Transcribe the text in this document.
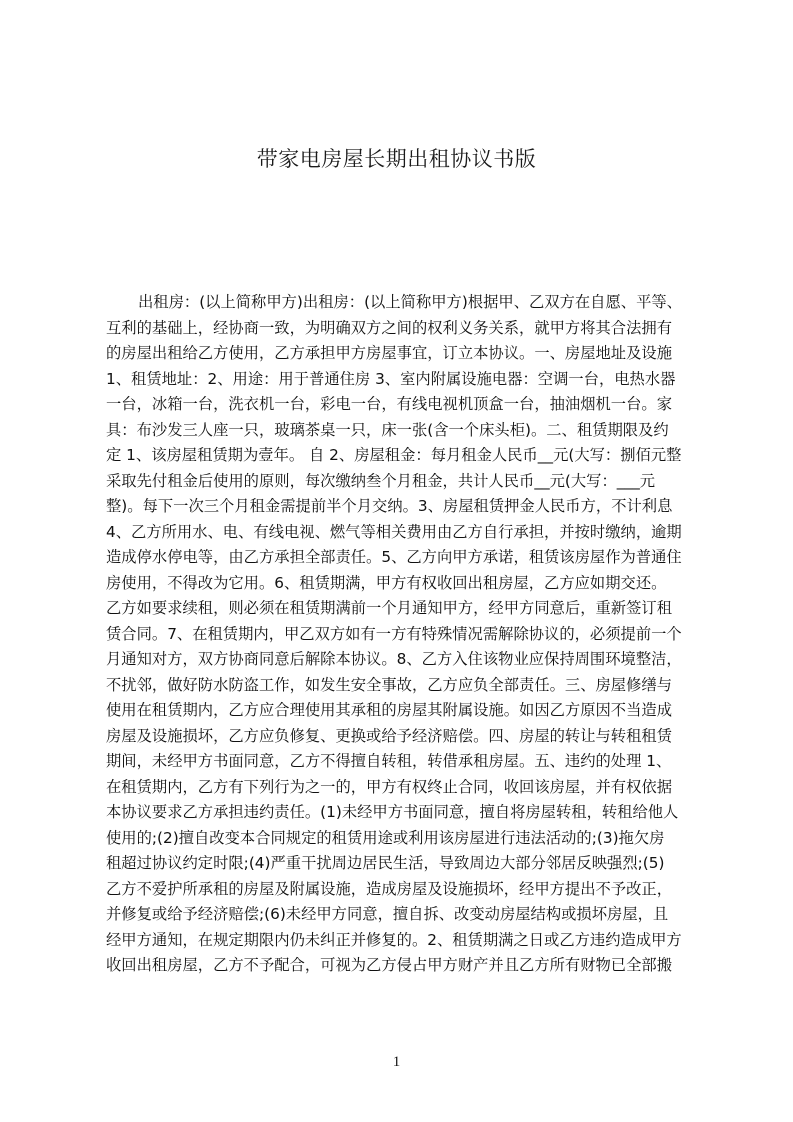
带家电房屋长期出租协议书版
出租房：(以上简称甲方)出租房：(以上简称甲方)根据甲、乙双方在自愿、平等、
互利的基础上，经协商一致，为明确双方之间的权利义务关系，就甲方将其合法拥有
的房屋出租给乙方使用，乙方承担甲方房屋事宜，订立本协议。一、房屋地址及设施
1、租赁地址：2、用途：用于普通住房 3、室内附属设施电器：空调一台，电热水器
一台，冰箱一台，洗衣机一台，彩电一台，有线电视机顶盒一台，抽油烟机一台。家
具：布沙发三人座一只，玻璃茶桌一只，床一张(含一个床头柜)。二、租赁期限及约
定 1、该房屋租赁期为壹年。 自 2、房屋租金：每月租金人民币__元(大写：捌佰元整
采取先付租金后使用的原则，每次缴纳叁个月租金，共计人民币__元(大写：___元
整)。每下一次三个月租金需提前半个月交纳。3、房屋租赁押金人民币方，不计利息
4、乙方所用水、电、有线电视、燃气等相关费用由乙方自行承担，并按时缴纳，逾期
造成停水停电等，由乙方承担全部责任。5、乙方向甲方承诺，租赁该房屋作为普通住
房使用，不得改为它用。6、租赁期满，甲方有权收回出租房屋，乙方应如期交还。
乙方如要求续租，则必须在租赁期满前一个月通知甲方，经甲方同意后，重新签订租
赁合同。7、在租赁期内，甲乙双方如有一方有特殊情况需解除协议的，必须提前一个
月通知对方，双方协商同意后解除本协议。8、乙方入住该物业应保持周围环境整洁，
不扰邻，做好防水防盗工作，如发生安全事故，乙方应负全部责任。三、房屋修缮与
使用在租赁期内，乙方应合理使用其承租的房屋其附属设施。如因乙方原因不当造成
房屋及设施损坏，乙方应负修复、更换或给予经济赔偿。四、房屋的转让与转租租赁
期间，未经甲方书面同意，乙方不得擅自转租，转借承租房屋。五、违约的处理 1、
在租赁期内，乙方有下列行为之一的，甲方有权终止合同，收回该房屋，并有权依据
本协议要求乙方承担违约责任。(1)未经甲方书面同意，擅自将房屋转租，转租给他人
使用的;(2)擅自改变本合同规定的租赁用途或利用该房屋进行违法活动的;(3)拖欠房
租超过协议约定时限;(4)严重干扰周边居民生活，导致周边大部分邻居反映强烈;(5)
乙方不爱护所承租的房屋及附属设施，造成房屋及设施损坏，经甲方提出不予改正，
并修复或给予经济赔偿;(6)未经甲方同意，擅自拆、改变动房屋结构或损坏房屋，且
经甲方通知，在规定期限内仍未纠正并修复的。2、租赁期满之日或乙方违约造成甲方
收回出租房屋，乙方不予配合，可视为乙方侵占甲方财产并且乙方所有财物已全部搬
1
